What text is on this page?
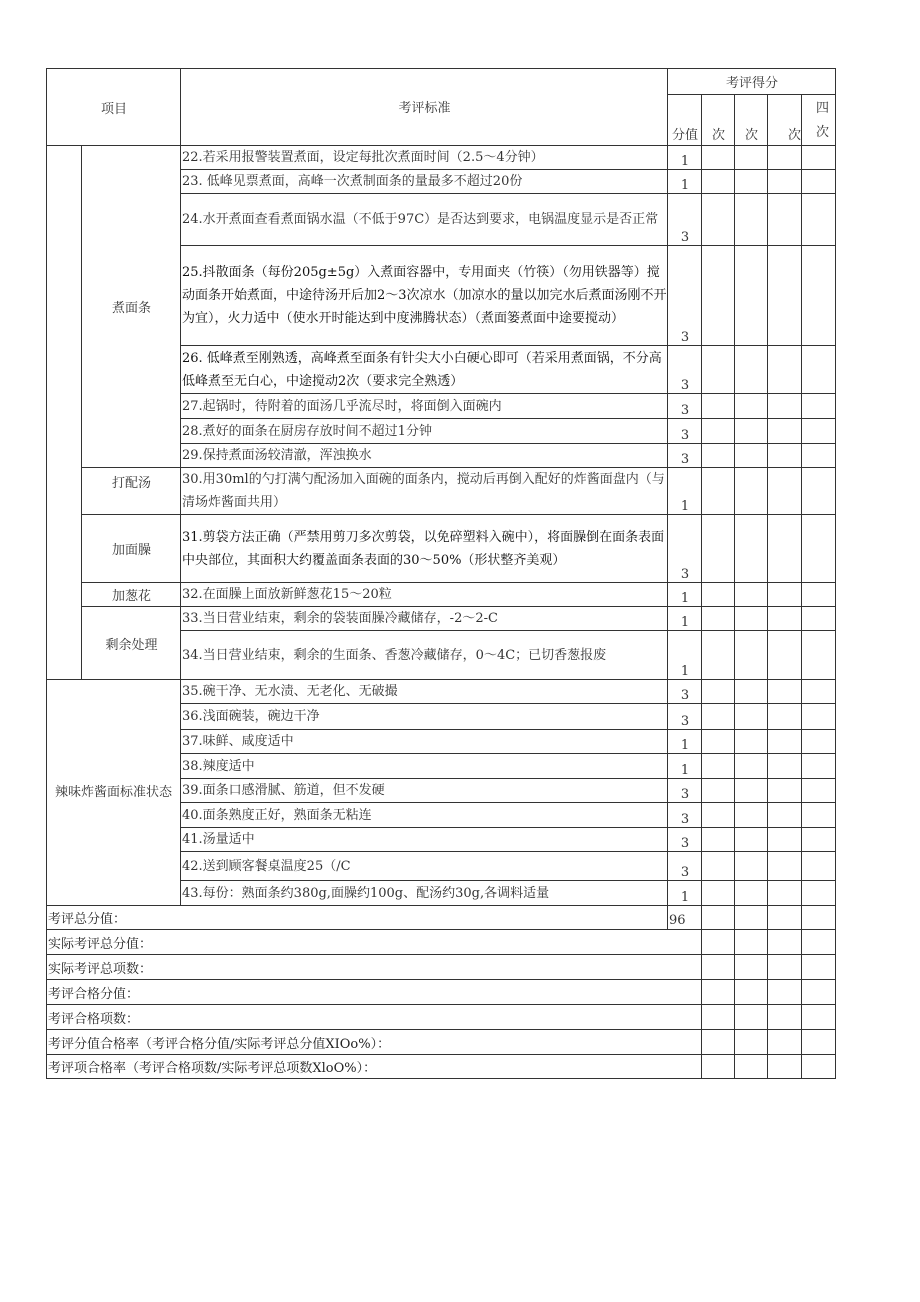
项目		考评标准	考评得分				
			分值	次	次	次	四次

	煮面条	22.若采用报警装置煮面，设定每批次煮面时间（2.5～4分钟）	1				
		23. 低峰见票煮面，高峰一次煮制面条的量最多不超过20份	1				
		24.水开煮面查看煮面锅水温（不低于97C）是否达到要求，电锅温度显示是否正常	3				
		25.抖散面条（每份205g±5g）入煮面容器中，专用面夹（竹筷）（勿用铁器等）搅动面条开始煮面，中途待汤开后加2～3次凉水（加凉水的量以加完水后煮面汤刚不开为宜），火力适中（使水开时能达到中度沸腾状态）（煮面篓煮面中途要搅动）	3				
		26. 低峰煮至刚熟透，高峰煮至面条有针尖大小白硬心即可（若采用煮面锅，不分高低峰煮至无白心，中途搅动2次（要求完全熟透）	3				
		27.起锅时，待附着的面汤几乎流尽时，将面倒入面碗内	3				
		28.煮好的面条在厨房存放时间不超过1分钟	3				
		29.保持煮面汤较清澈，浑浊换水	3				
	打配汤	30.用30ml的勺打满勺配汤加入面碗的面条内，搅动后再倒入配好的炸酱面盘内（与清场炸酱面共用）	1				
	加面臊	31.剪袋方法正确（严禁用剪刀多次剪袋，以免碎塑料入碗中），将面臊倒在面条表面中央部位，其面积大约覆盖面条表面的30～50%（形状整齐美观）	3				
	加葱花	32.在面臊上面放新鲜葱花15～20粒	1				
	剩余处理	33.当日营业结束，剩余的袋装面臊冷藏储存，-2～2-C	1				
		34.当日营业结束，剩余的生面条、香葱冷藏储存，0～4C；已切香葱报废	1				
辣味炸酱面标准状态		35.碗干净、无水渍、无老化、无破撮	3				
		36.浅面碗装，碗边干净	3				
		37.味鲜、咸度适中	1				
		38.辣度适中	1				
		39.面条口感滑腻、筋道，但不发硬	3				
		40.面条熟度正好，熟面条无粘连	3				
		41.汤量适中	3				
		42.送到顾客餐桌温度25（/C	3				
		43.每份：熟面条约380g,面臊约100g、配汤约30g,各调料适量	1				
考评总分值：			96				
实际考评总分值：							
实际考评总项数：							
考评合格分值：							
考评合格项数：							
考评分值合格率（考评合格分值/实际考评总分值XIOo%）：							
考评项合格率（考评合格项数/实际考评总项数XloO%）：							
